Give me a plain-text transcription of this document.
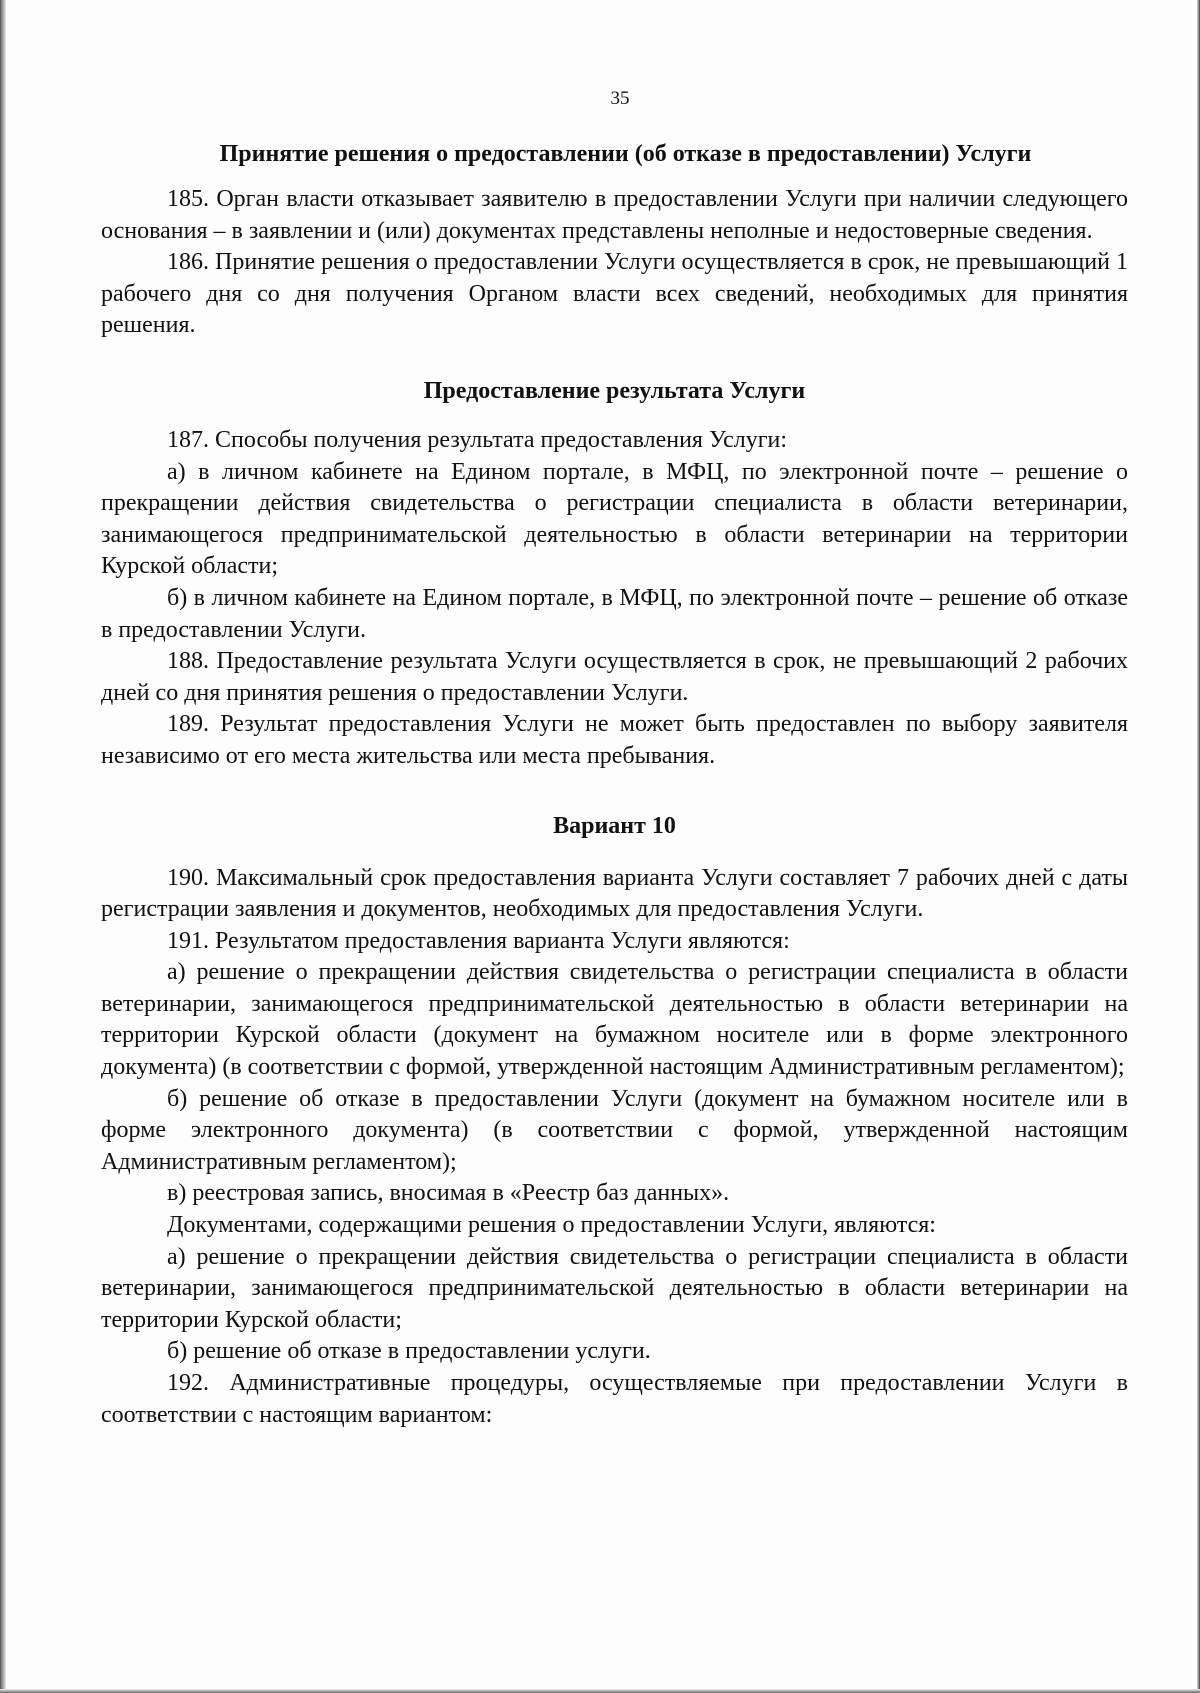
35
Принятие решения о предоставлении (об отказе в предоставлении) Услуги

185. Орган власти отказывает заявителю в предоставлении Услуги при наличии следующего основания – в заявлении и (или) документах представлены неполные и недостоверные сведения.

186. Принятие решения о предоставлении Услуги осуществляется в срок, не превышающий 1 рабочего дня со дня получения Органом власти всех сведений, необходимых для принятия решения.

Предоставление результата Услуги

187. Способы получения результата предоставления Услуги:

а) в личном кабинете на Едином портале, в МФЦ, по электронной почте – решение о прекращении действия свидетельства о регистрации специалиста в области ветеринарии, занимающегося предпринимательской деятельностью в области ветеринарии на территории Курской области;

б) в личном кабинете на Едином портале, в МФЦ, по электронной почте – решение об отказе в предоставлении Услуги.

188. Предоставление результата Услуги осуществляется в срок, не превышающий 2 рабочих дней со дня принятия решения о предоставлении Услуги.

189. Результат предоставления Услуги не может быть предоставлен по выбору заявителя независимо от его места жительства или места пребывания.

Вариант 10

190. Максимальный срок предоставления варианта Услуги составляет 7 рабочих дней с даты регистрации заявления и документов, необходимых для предоставления Услуги.

191. Результатом предоставления варианта Услуги являются:

а) решение о прекращении действия свидетельства о регистрации специалиста в области ветеринарии, занимающегося предпринимательской деятельностью в области ветеринарии на территории Курской области (документ на бумажном носителе или в форме электронного документа) (в соответствии с формой, утвержденной настоящим Административным регламентом);

б) решение об отказе в предоставлении Услуги (документ на бумажном носителе или в форме электронного документа) (в соответствии с формой, утвержденной настоящим Административным регламентом);

в) реестровая запись, вносимая в «Реестр баз данных».

Документами, содержащими решения о предоставлении Услуги, являются:

а) решение о прекращении действия свидетельства о регистрации специалиста в области ветеринарии, занимающегося предпринимательской деятельностью в области ветеринарии на территории Курской области;

б) решение об отказе в предоставлении услуги.

192. Административные процедуры, осуществляемые при предоставлении Услуги в соответствии с настоящим вариантом:
